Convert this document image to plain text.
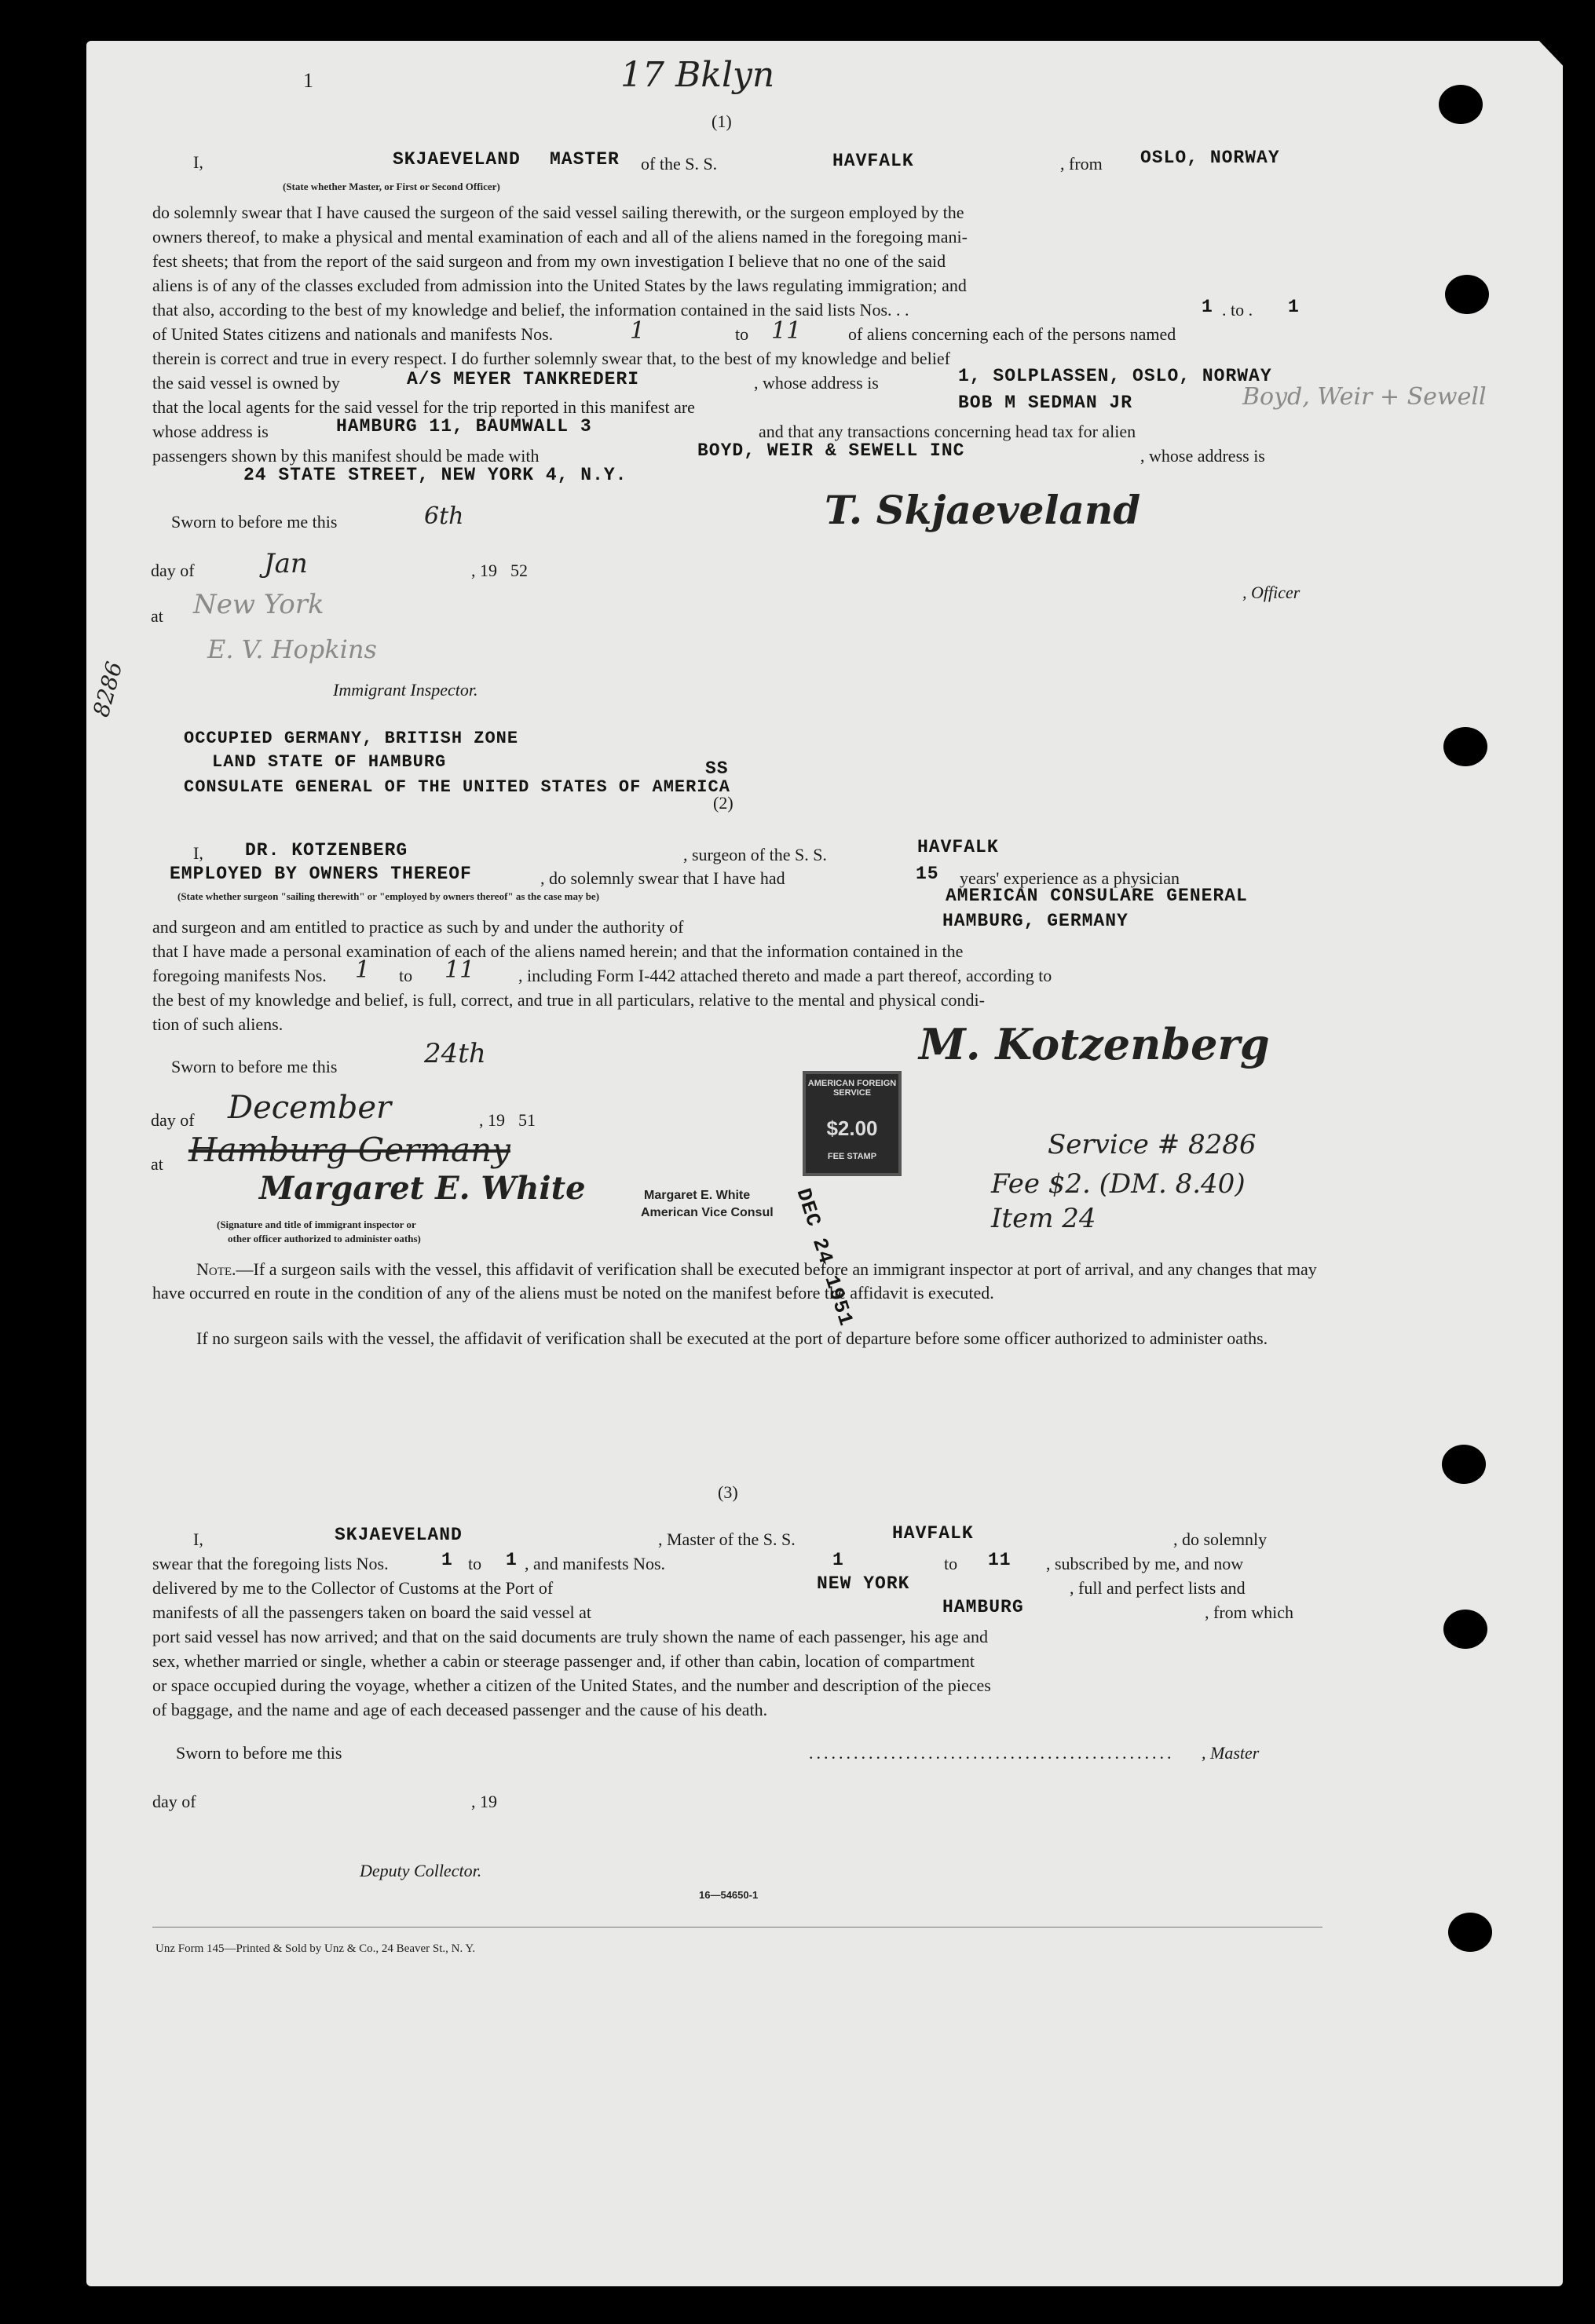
1	17 Bklyn
(1)
I,	SKJAEVELAND MASTER of the S. S.	HAVFALK	, from OSLO, NORWAY
(State whether Master, or First or Second Officer)
do solemnly swear that I have caused the surgeon of the said vessel sailing therewith, or the surgeon employed by the
owners thereof, to make a physical and mental examination of each and all of the aliens named in the foregoing mani-
fest sheets; that from the report of the said surgeon and from my own investigation I believe that no one of the said
aliens is of any of the classes excluded from admission into the United States by the laws regulating immigration; and
that also, according to the best of my knowledge and belief, the information contained in the said lists Nos. . .	1 . to . 1
of United States citizens and nationals and manifests Nos.	1	to 11	of aliens concerning each of the persons named
therein is correct and true in every respect. I do further solemnly swear that, to the best of my knowledge and belief
the said vessel is owned by	A/S MEYER TANKREDERI	, whose address is	1, SOLPLASSEN, OSLO, NORWAY
that the local agents for the said vessel for the trip reported in this manifest are	BOB M SEDMAN JR	Boyd, Weir + Sewell
whose address is	HAMBURG 11, BAUMWALL 3	and that any transactions concerning head tax for alien
passengers shown by this manifest should be made with	BOYD, WEIR & SEWELL INC	, whose address is
24 STATE STREET, NEW YORK 4, N.Y.
Sworn to before me this	6th
day of	Jan	, 19 52
at New York
E. V. Hopkins
Immigrant Inspector.
T. Skjaeveland
, Officer
8286
OCCUPIED GERMANY, BRITISH ZONE
LAND STATE OF HAMBURG
CONSULATE GENERAL OF THE UNITED STATES OF AMERICA
SS
(2)
I, DR. KOTZENBERG	, surgeon of the S. S.	HAVFALK
EMPLOYED BY OWNERS THEREOF	, do solemnly swear that I have had	15 years' experience as a physician
(State whether surgeon "sailing therewith" or "employed by owners thereof" as the case may be)	AMERICAN CONSULARE GENERAL
and surgeon and am entitled to practice as such by and under the authority of	HAMBURG, GERMANY
that I have made a personal examination of each of the aliens named herein; and that the information contained in the
foregoing manifests Nos. 1 to 11	, including Form I-442 attached thereto and made a part thereof, according to
the best of my knowledge and belief, is full, correct, and true in all particulars, relative to the mental and physical condi-
tion of such aliens.
Sworn to before me this	24th
day of December	, 19 51
at Hamburg Germany
Margaret E. White	Margaret E. White
American Vice Consul
(Signature and title of immigrant inspector or
other officer authorized to administer oaths)
M. Kotzenberg
AMERICAN FOREIGN SERVICE
$2.00
FEE STAMP
DEC 24 1951
Service # 8286
Fee $2. (DM. 8.40)
Item 24
Note.—If a surgeon sails with the vessel, this affidavit of verification shall be executed before an immigrant inspector at port of arrival, and any changes that may have occurred en route in the condition of any of the aliens must be noted on the manifest before the affidavit is executed.
If no surgeon sails with the vessel, the affidavit of verification shall be executed at the port of departure before some officer authorized to administer oaths.
(3)
I,	SKJAEVELAND	, Master of the S. S.	HAVFALK	, do solemnly
swear that the foregoing lists Nos.	1 to 1 , and manifests Nos.	1	to 11 , subscribed by me, and now
delivered by me to the Collector of Customs at the Port of	NEW YORK	, full and perfect lists and
manifests of all the passengers taken on board the said vessel at	HAMBURG	, from which
port said vessel has now arrived; and that on the said documents are truly shown the name of each passenger, his age and
sex, whether married or single, whether a cabin or steerage passenger and, if other than cabin, location of compartment
or space occupied during the voyage, whether a citizen of the United States, and the number and description of the pieces
of baggage, and the name and age of each deceased passenger and the cause of his death.
Sworn to before me this	................................................. , Master
day of	, 19
Deputy Collector.
16—54650-1
Unz Form 145—Printed & Sold by Unz & Co., 24 Beaver St., N. Y.
